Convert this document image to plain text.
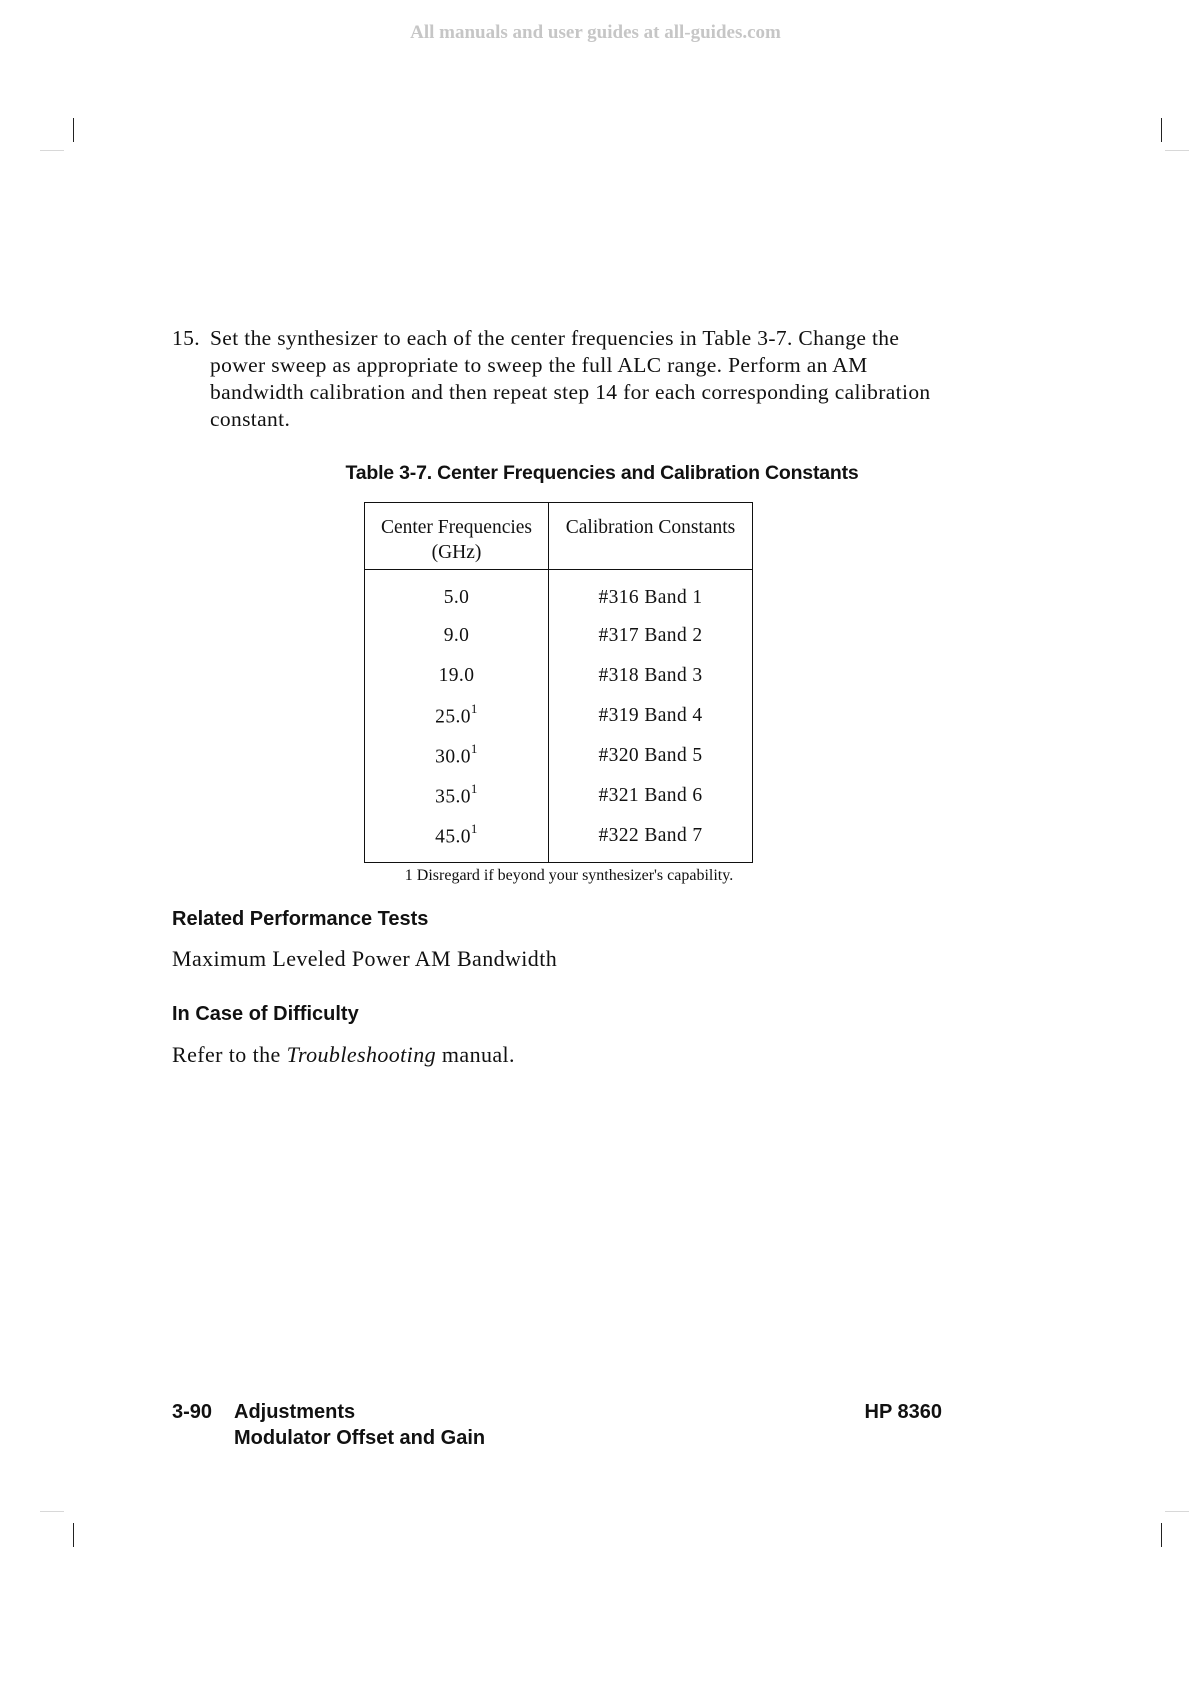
All manuals and user guides at all-guides.com
15. Set the synthesizer to each of the center frequencies in Table 3-7. Change the power sweep as appropriate to sweep the full ALC range. Perform an AM bandwidth calibration and then repeat step 14 for each corresponding calibration constant.
Table 3-7. Center Frequencies and Calibration Constants
Center Frequencies
(GHz)	Calibration Constants
5.0	#316 Band 1
9.0	#317 Band 2
19.0	#318 Band 3
25.0$^1$	#319 Band 4
30.0$^1$	#320 Band 5
35.0$^1$	#321 Band 6
45.0$^1$	#322 Band 7
1 Disregard if beyond your synthesizer's capability.
Related Performance Tests
Maximum Leveled Power AM Bandwidth
In Case of Difficulty
Refer to the Troubleshooting manual.
3-90 Adjustments
Modulator Offset and Gain
HP 8360
